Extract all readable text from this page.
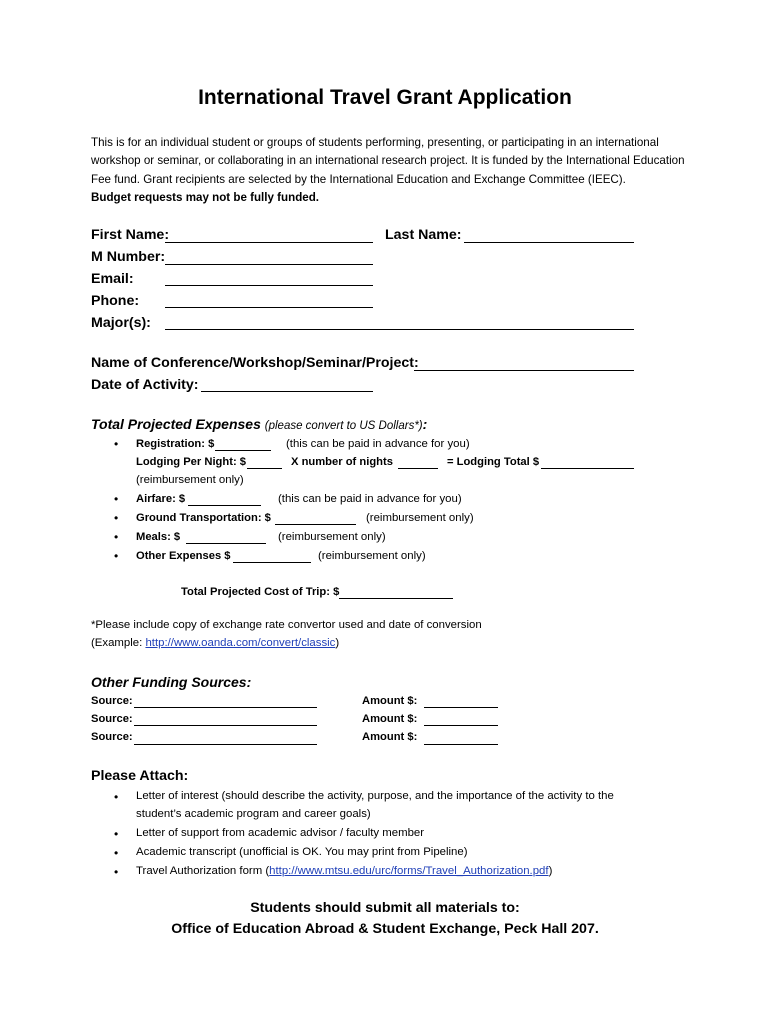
International Travel Grant Application
This is for an individual student or groups of students performing, presenting, or participating in an international workshop or seminar, or collaborating in an international research project. It is funded by the International Education Fee fund. Grant recipients are selected by the International Education and Exchange Committee (IEEC).
Budget requests may not be fully funded.
First Name:	Last Name:
M Number:
Email:
Phone:
Major(s):
Name of Conference/Workshop/Seminar/Project:
Date of Activity:
Total Projected Expenses (please convert to US Dollars*):
• Registration: $	(this can be paid in advance for you)
Lodging Per Night: $	X number of nights	= Lodging Total $
(reimbursement only)
• Airfare: $	(this can be paid in advance for you)
• Ground Transportation: $	(reimbursement only)
• Meals: $	(reimbursement only)
• Other Expenses $	(reimbursement only)
Total Projected Cost of Trip: $
*Please include copy of exchange rate convertor used and date of conversion
(Example: http://www.oanda.com/convert/classic)
Other Funding Sources:
Source:	Amount $:
Source:	Amount $:
Source:	Amount $:
Please Attach:
• Letter of interest (should describe the activity, purpose, and the importance of the activity to the
student’s academic program and career goals)
• Letter of support from academic advisor / faculty member
• Academic transcript (unofficial is OK. You may print from Pipeline)
• Travel Authorization form (http://www.mtsu.edu/urc/forms/Travel_Authorization.pdf)
Students should submit all materials to:
Office of Education Abroad & Student Exchange, Peck Hall 207.
